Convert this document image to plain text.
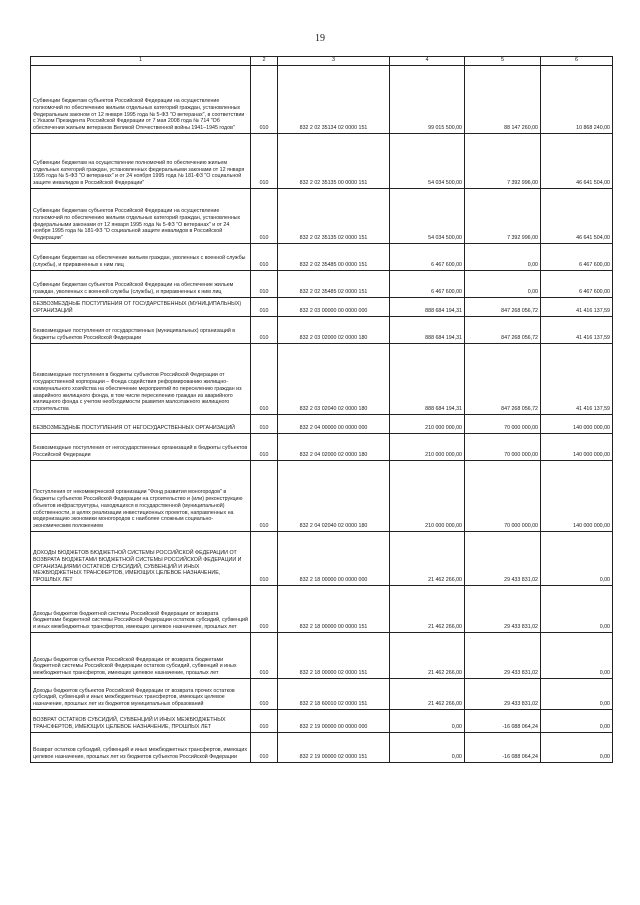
19
1	2	3	4	5	6
Субвенции бюджетам субъектов Российской Федерации на осуществление полномочий по обеспечению жильем отдельных категорий граждан, установленных Федеральным законом от 12 января 1995 года № 5-ФЗ "О ветеранах", в соответствии с Указом Президента Российской Федерации от 7 мая 2008 года № 714 "Об обеспечении жильем ветеранов Великой Отечественной войны 1941–1945 годов"	010	832 2 02 35134 02 0000 151	99 015 500,00	88 147 260,00	10 868 240,00
Субвенции бюджетам на осуществление полномочий по обеспечению жильем отдельных категорий граждан, установленных федеральными законами от 12 января 1995 года № 5-ФЗ "О ветеранах" и от 24 ноября 1995 года № 181-ФЗ "О социальной защите инвалидов в Российской Федерации"	010	832 2 02 35135 00 0000 151	54 034 500,00	7 392 996,00	46 641 504,00
Субвенции бюджетам субъектов Российской Федерации на осуществление полномочий по обеспечению жильем отдельных категорий граждан, установленных федеральными законами от 12 января 1995 года № 5-ФЗ "О ветеранах" и от 24 ноября 1995 года № 181-ФЗ "О социальной защите инвалидов в Российской Федерации"	010	832 2 02 35135 02 0000 151	54 034 500,00	7 392 996,00	46 641 504,00
Субвенции бюджетам на обеспечение жильем граждан, уволенных с военной службы (службы), и приравненных к ним лиц	010	832 2 02 35485 00 0000 151	6 467 600,00	0,00	6 467 600,00
Субвенции бюджетам субъектов Российской Федерации на обеспечение жильем граждан, уволенных с военной службы (службы), и приравненных к ним лиц	010	832 2 02 35485 02 0000 151	6 467 600,00	0,00	6 467 600,00
БЕЗВОЗМЕЗДНЫЕ ПОСТУПЛЕНИЯ ОТ ГОСУДАРСТВЕННЫХ (МУНИЦИПАЛЬНЫХ) ОРГАНИЗАЦИЙ	010	832 2 03 00000 00 0000 000	888 684 194,31	847 268 056,72	41 416 137,59
Безвозмездные поступления от государственных (муниципальных) организаций в бюджеты субъектов Российской Федерации	010	832 2 03 02000 02 0000 180	888 684 194,31	847 268 056,72	41 416 137,59
Безвозмездные поступления в бюджеты субъектов Российской Федерации от государственной корпорации – Фонда содействия реформированию жилищно-коммунального хозяйства на обеспечение мероприятий по переселению граждан из аварийного жилищного фонда, в том числе переселению граждан из аварийного жилищного фонда с учетом необходимости развития малоэтажного жилищного строительства	010	832 2 03 02040 02 0000 180	888 684 194,31	847 268 056,72	41 416 137,59
БЕЗВОЗМЕЗДНЫЕ ПОСТУПЛЕНИЯ ОТ НЕГОСУДАРСТВЕННЫХ ОРГАНИЗАЦИЙ	010	832 2 04 00000 00 0000 000	210 000 000,00	70 000 000,00	140 000 000,00
Безвозмездные поступления от негосударственных организаций в бюджеты субъектов Российской Федерации	010	832 2 04 02000 02 0000 180	210 000 000,00	70 000 000,00	140 000 000,00
Поступления от некоммерческой организации "Фонд развития моногородов" в бюджеты субъектов Российской Федерации на строительство и (или) реконструкцию объектов инфраструктуры, находящихся в государственной (муниципальной) собственности, в целях реализации инвестиционных проектов, направленных на модернизацию экономики моногородов с наиболее сложным социально-экономическим положением	010	832 2 04 02040 02 0000 180	210 000 000,00	70 000 000,00	140 000 000,00
ДОХОДЫ БЮДЖЕТОВ БЮДЖЕТНОЙ СИСТЕМЫ РОССИЙСКОЙ ФЕДЕРАЦИИ ОТ ВОЗВРАТА БЮДЖЕТАМИ БЮДЖЕТНОЙ СИСТЕМЫ РОССИЙСКОЙ ФЕДЕРАЦИИ И ОРГАНИЗАЦИЯМИ ОСТАТКОВ СУБСИДИЙ, СУБВЕНЦИЙ И ИНЫХ МЕЖБЮДЖЕТНЫХ ТРАНСФЕРТОВ, ИМЕЮЩИХ ЦЕЛЕВОЕ НАЗНАЧЕНИЕ, ПРОШЛЫХ ЛЕТ	010	832 2 18 00000 00 0000 000	21 462 266,00	29 433 831,02	0,00
Доходы бюджетов бюджетной системы Российской Федерации от возврата бюджетами бюджетной системы Российской Федерации остатков субсидий, субвенций и иных межбюджетных трансфертов, имеющих целевое назначение, прошлых лет	010	832 2 18 00000 00 0000 151	21 462 266,00	29 433 831,02	0,00
Доходы бюджетов субъектов Российской Федерации от возврата бюджетами бюджетной системы Российской Федерации остатков субсидий, субвенций и иных межбюджетных трансфертов, имеющих целевое назначение, прошлых лет	010	832 2 18 00000 02 0000 151	21 462 266,00	29 433 831,02	0,00
Доходы бюджетов субъектов Российской Федерации от возврата прочих остатков субсидий, субвенций и иных межбюджетных трансфертов, имеющих целевое назначение, прошлых лет из бюджетов муниципальных образований	010	832 2 18 60010 02 0000 151	21 462 266,00	29 433 831,02	0,00
ВОЗВРАТ ОСТАТКОВ СУБСИДИЙ, СУБВЕНЦИЙ И ИНЫХ МЕЖБЮДЖЕТНЫХ ТРАНСФЕРТОВ, ИМЕЮЩИХ ЦЕЛЕВОЕ НАЗНАЧЕНИЕ, ПРОШЛЫХ ЛЕТ	010	832 2 19 00000 00 0000 000	0,00	-16 088 064,24	0,00
Возврат остатков субсидий, субвенций и иных межбюджетных трансфертов, имеющих целевое назначение, прошлых лет из бюджетов субъектов Российской Федерации	010	832 2 19 00000 02 0000 151	0,00	-16 088 064,24	0,00
